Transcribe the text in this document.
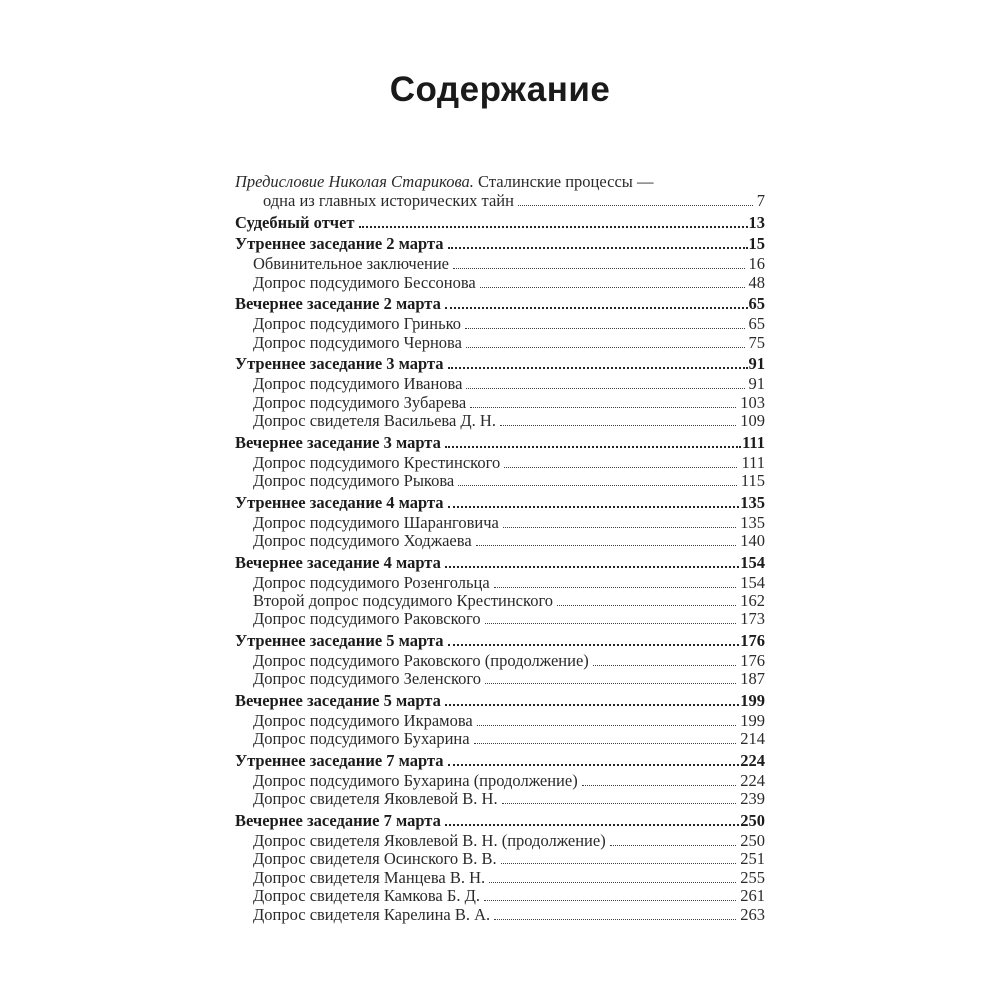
Содержание
Предисловие Николая Старикова. Сталинские процессы —
одна из главных исторических тайн	7
Судебный отчет	13
Утреннее заседание 2 марта	15
Обвинительное заключение	16
Допрос подсудимого Бессонова	48
Вечернее заседание 2 марта	65
Допрос подсудимого Гринько	65
Допрос подсудимого Чернова	75
Утреннее заседание 3 марта	91
Допрос подсудимого Иванова	91
Допрос подсудимого Зубарева	103
Допрос свидетеля Васильева Д. Н.	109
Вечернее заседание 3 марта	111
Допрос подсудимого Крестинского	111
Допрос подсудимого Рыкова	115
Утреннее заседание 4 марта	135
Допрос подсудимого Шаранговича	135
Допрос подсудимого Ходжаева	140
Вечернее заседание 4 марта	154
Допрос подсудимого Розенгольца	154
Второй допрос подсудимого Крестинского	162
Допрос подсудимого Раковского	173
Утреннее заседание 5 марта	176
Допрос подсудимого Раковского (продолжение)	176
Допрос подсудимого Зеленского	187
Вечернее заседание 5 марта	199
Допрос подсудимого Икрамова	199
Допрос подсудимого Бухарина	214
Утреннее заседание 7 марта	224
Допрос подсудимого Бухарина (продолжение)	224
Допрос свидетеля Яковлевой В. Н.	239
Вечернее заседание 7 марта	250
Допрос свидетеля Яковлевой В. Н. (продолжение)	250
Допрос свидетеля Осинского В. В.	251
Допрос свидетеля Манцева В. Н.	255
Допрос свидетеля Камкова Б. Д.	261
Допрос свидетеля Карелина В. А.	263
